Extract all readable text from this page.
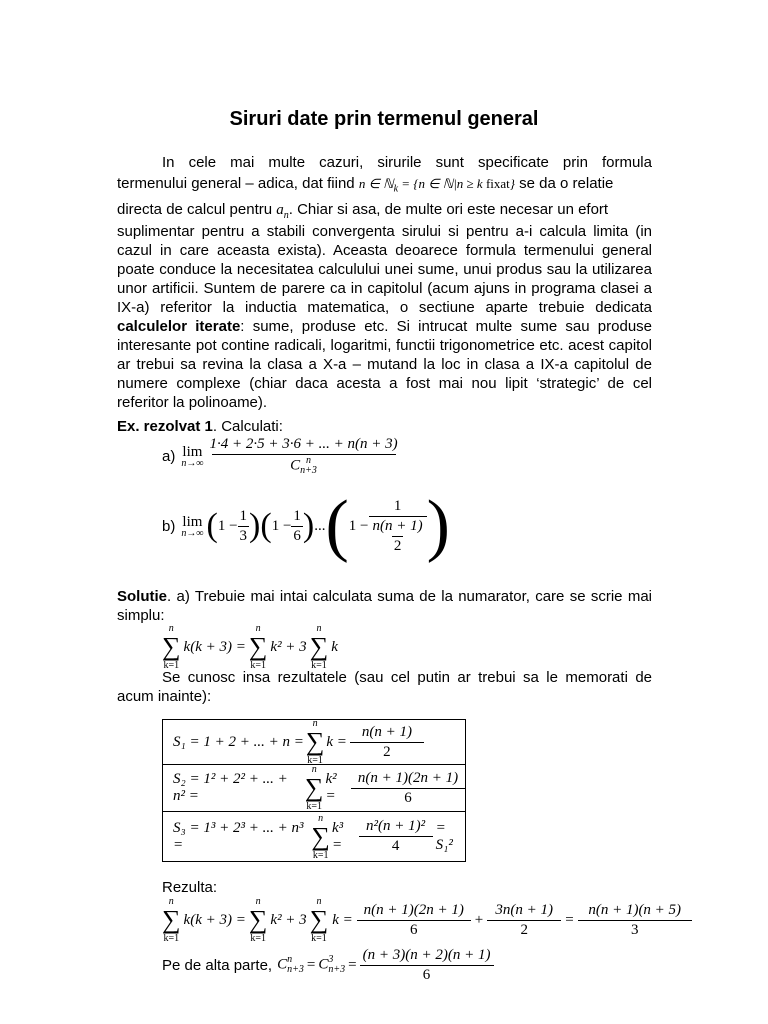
Siruri date prin termenul general
In cele mai multe cazuri, sirurile sunt specificate prin formula
termenului general – adica, dat fiind n ∈ ℕ$_k$ = {n ∈ ℕ|n ≥ k fixat} se da o relatie
directa de calcul pentru $a_n$. Chiar si asa, de multe ori este necesar un efort
suplimentar pentru a stabili convergenta sirului si pentru a-i calcula limita (in cazul in care aceasta exista). Aceasta deoarece formula termenului general poate conduce la necesitatea calculului unei sume, unui produs sau la utilizarea unor artificii. Suntem de parere ca in capitolul (acum ajuns in programa clasei a IX-a) referitor la inductia matematica, o sectiune aparte trebuie dedicata calculelor iterate: sume, produse etc. Si intrucat multe sume sau produse interesante pot contine radicali, logaritmi, functii trigonometrice etc. acest capitol ar trebui sa revina la clasa a X-a – mutand la loc in clasa a IX-a capitolul de numere complexe (chiar daca acesta a fost mai nou lipit ‘strategic’ de cel referitor la polinoame).
Ex. rezolvat 1. Calculati:
a) lim
n→∞ 1·4 + 2·5 + 3·6 + ... + n(n + 3)
C n
n+3
b) lim
n→∞ ( $1 - \frac{1}{3}$ ) ( $1 - \frac{1}{6}$ ) ... ( $1 - \frac{1}{\frac{n(n + 1)}{2}}$ )
Solutie. a) Trebuie mai intai calculata suma de la numarator, care se scrie mai simplu:
n
∑
k=1
k(k + 3) =
n
∑
k=1
k² + 3
n
∑
k=1
k
Se cunosc insa rezultatele (sau cel putin ar trebui sa le memorati de acum inainte):
S₁ = 1 + 2 + ... + n =
n
∑
k=1
$k = \frac{n(n + 1)}{2}$
S₂ = 1² + 2² + ... + n² =
n
∑
k=1
k² =	$\frac{n(n + 1)(2n + 1)}{6}$
S₃ = 1³ + 2³ + ... + n³ =
n
∑
k=1
k³ =	$\frac{\text{n²(n + 1)²}}{4} = S_1^2$
Rezulta:
n
∑
k=1
k(k + 3) =
n
∑
k=1
k² + 3
n
∑
k=1
$k = \frac{n(n + 1)(2n + 1)}{6} + \frac{3n(n + 1)}{2} = \frac{n(n + 1)(n + 5)}{3}$
Pe de alta parte, C n
n+3 = C 3
$n+3 = \frac{(n + 3)(n + 2)(n + 1)}{6}$
